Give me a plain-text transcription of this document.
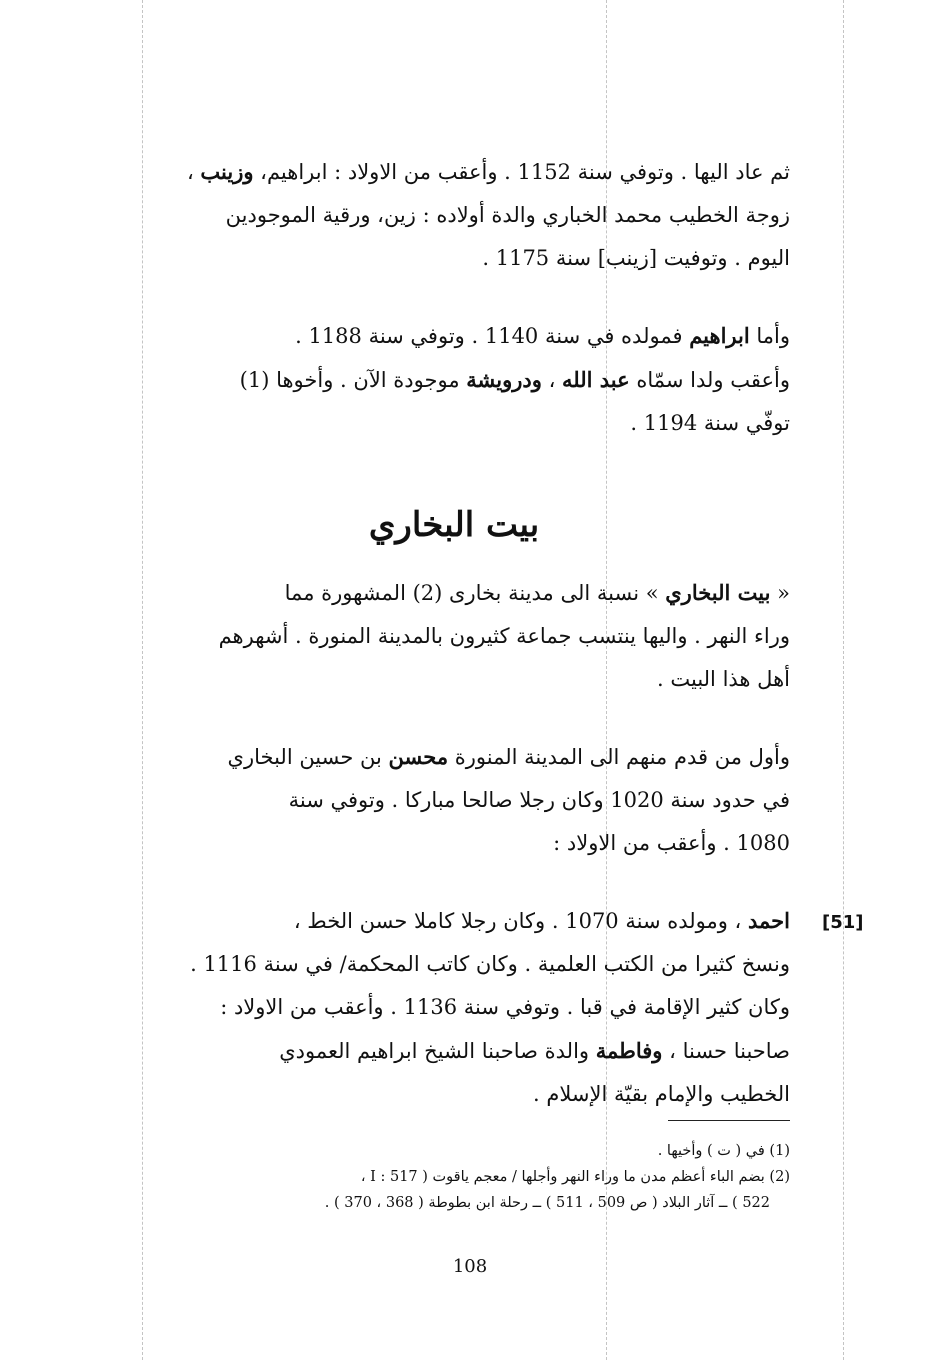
ثم عاد اليها . وتوفي سنة 1152 . وأعقب من الاولاد : ابراهيم، وزينب ،
زوجة الخطيب محمد الخباري والدة أولاده : زين، ورقية الموجودين
اليوم . وتوفيت [زينب] سنة 1175 .

وأما ابراهيم فمولده في سنة 1140 . وتوفي سنة 1188 .
وأعقب ولدا سمّاه عبد الله ، ودرويشة موجودة الآن . وأخوها (1)
توفّي سنة 1194 .

بيت البخاري

« بيت البخاري » نسبة الى مدينة بخارى (2) المشهورة مما
وراء النهر . واليها ينتسب جماعة كثيرون بالمدينة المنورة . أشهرهم
أهل هذا البيت .

وأول من قدم منهم الى المدينة المنورة محسن بن حسين البخاري
في حدود سنة 1020 وكان رجلا صالحا مباركا . وتوفي سنة
1080 . وأعقب من الاولاد :

احمد ، ومولده سنة 1070 . وكان رجلا كاملا حسن الخط ،
ونسخ كثيرا من الكتب العلمية . وكان كاتب المحكمة/ في سنة 1116 .
وكان كثير الإقامة في قبا . وتوفي سنة 1136 . وأعقب من الاولاد :
صاحبنا حسنا ، وفاطمة والدة صاحبنا الشيخ ابراهيم العمودي
الخطيب والإمام بقيّة الإسلام .

[51]
(1) في ( ت ) وأخيها .
(2) بضم الباء أعظم مدن ما وراء النهر وأجلها / معجم ياقوت ( I : 517 ،
522 ) ــ آثار البلاد ( ص 509 ، 511 ) ــ رحلة ابن بطوطة ( 368 ، 370 ) .
108
